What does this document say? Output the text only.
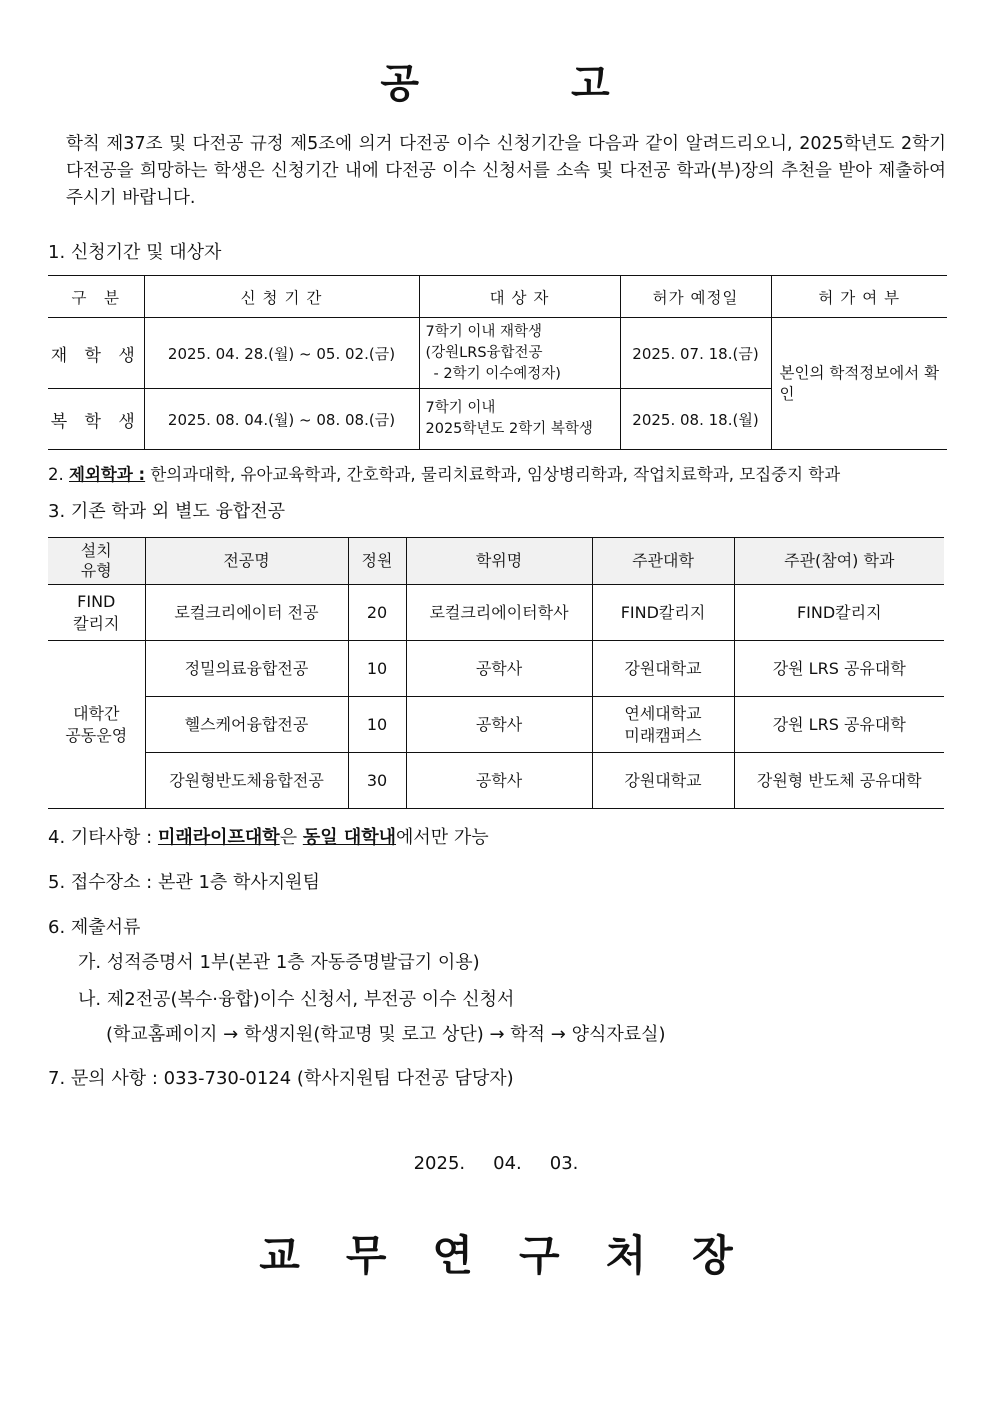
공	고
학칙 제37조 및 다전공 규정 제5조에 의거 다전공 이수 신청기간을 다음과 같이 알려드리오니, 2025학년도 2학기 다전공을 희망하는 학생은 신청기간 내에 다전공 이수 신청서를 소속 및 다전공 학과(부)장의 추천을 받아 제출하여 주시기 바랍니다.
1. 신청기간 및 대상자
구　분	신 청 기 간	대 상 자	허가 예정일	허 가 여 부
재 학 생	2025. 04. 28.(월) ~ 05. 02.(금)	7학기 이내 재학생
(강원LRS융합전공
- 2학기 이수예정자)	2025. 07. 18.(금)	본인의 학적정보에서 확인
복 학 생	2025. 08. 04.(월) ~ 08. 08.(금)	7학기 이내
2025학년도 2학기 복학생	2025. 08. 18.(월)	
2. 제외학과 : 한의과대학, 유아교육학과, 간호학과, 물리치료학과, 임상병리학과, 작업치료학과, 모집중지 학과
3. 기존 학과 외 별도 융합전공
설치
유형	전공명	정원	학위명	주관대학	주관(참여) 학과

FIND
칼리지	로컬크리에이터 전공	20	로컬크리에이터학사	FIND칼리지	FIND칼리지

대학간
공동운영	정밀의료융합전공	10	공학사	강원대학교	강원 LRS 공유대학
	헬스케어융합전공	10	공학사	연세대학교
미래캠퍼스	강원 LRS 공유대학
	강원형반도체융합전공	30	공학사	강원대학교	강원형 반도체 공유대학
4. 기타사항 : 미래라이프대학은 동일 대학내에서만 가능
5. 접수장소 : 본관 1층 학사지원팀
6. 제출서류
가. 성적증명서 1부(본관 1층 자동증명발급기 이용)
나. 제2전공(복수·융합)이수 신청서, 부전공 이수 신청서
(학교홈페이지 → 학생지원(학교명 및 로고 상단) → 학적 → 양식자료실)
7. 문의 사항 : 033-730-0124 (학사지원팀 다전공 담당자)
2025. 04. 03.
교 무 연 구 처 장
